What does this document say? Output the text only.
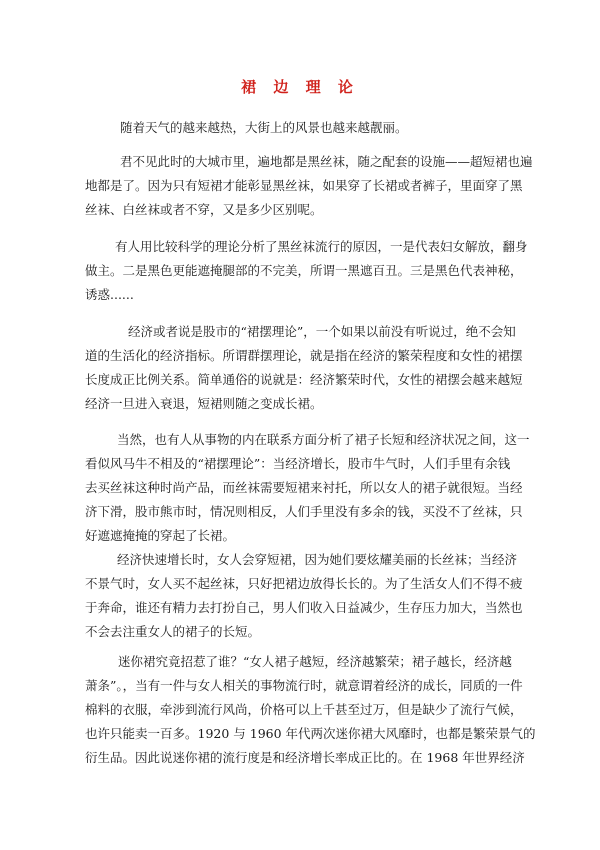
裙 边 理 论

随着天气的越来越热，大街上的风景也越来越靓丽。

君不见此时的大城市里，遍地都是黑丝袜，随之配套的设施——超短裙也遍
地都是了。因为只有短裙才能彰显黑丝袜，如果穿了长裙或者裤子，里面穿了黑
丝袜、白丝袜或者不穿，又是多少区别呢。

有人用比较科学的理论分析了黑丝袜流行的原因，一是代表妇女解放，翻身
做主。二是黑色更能遮掩腿部的不完美，所谓一黑遮百丑。三是黑色代表神秘，
诱惑......

经济或者说是股市的“裙摆理论”，一个如果以前没有听说过，绝不会知
道的生活化的经济指标。所谓群摆理论，就是指在经济的繁荣程度和女性的裙摆
长度成正比例关系。简单通俗的说就是：经济繁荣时代，女性的裙摆会越来越短
经济一旦进入衰退，短裙则随之变成长裙。

当然，也有人从事物的内在联系方面分析了裙子长短和经济状况之间，这一
看似风马牛不相及的“裙摆理论”：当经济增长，股市牛气时，人们手里有余钱
去买丝袜这种时尚产品，而丝袜需要短裙来衬托，所以女人的裙子就很短。当经
济下滑，股市熊市时，情况则相反，人们手里没有多余的钱，买没不了丝袜，只
好遮遮掩掩的穿起了长裙。

经济快速增长时，女人会穿短裙，因为她们要炫耀美丽的长丝袜；当经济
不景气时，女人买不起丝袜，只好把裙边放得长长的。为了生活女人们不得不疲
于奔命，谁还有精力去打扮自己，男人们收入日益减少，生存压力加大，当然也
不会去注重女人的裙子的长短。

迷你裙究竟招惹了谁？“女人裙子越短，经济越繁荣；裙子越长，经济越
萧条”。，当有一件与女人相关的事物流行时，就意谓着经济的成长，同质的一件
棉料的衣服，牵涉到流行风尚，价格可以上千甚至过万，但是缺少了流行气候，
也许只能卖一百多。1920 与 1960 年代两次迷你裙大风靡时，也都是繁荣景气的
衍生品。因此说迷你裙的流行度是和经济增长率成正比的。在 1968 年世界经济
